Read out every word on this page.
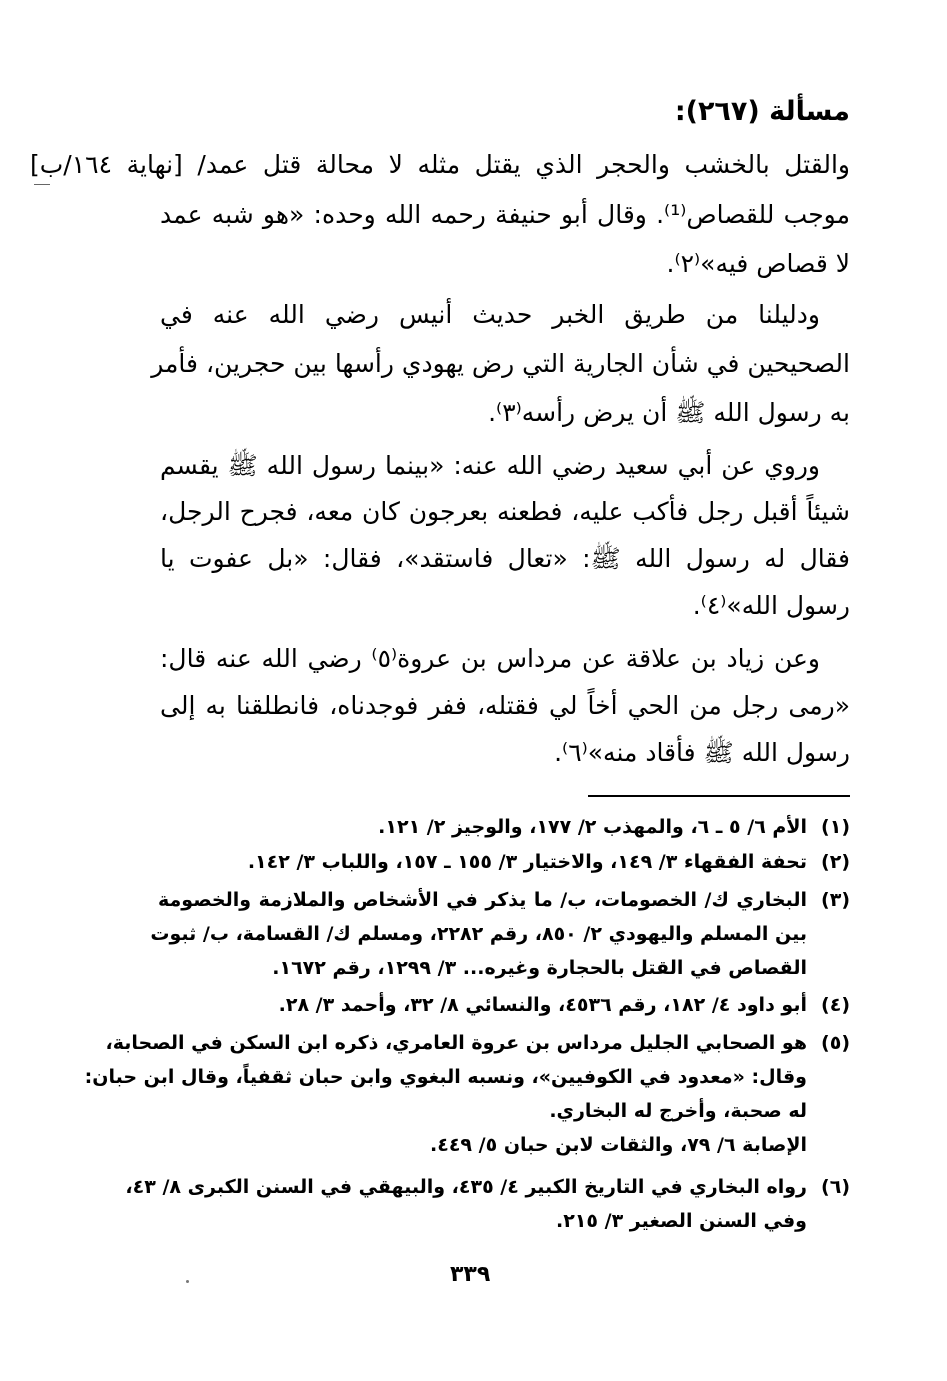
مسألة (٢٦٧):
والقتل بالخشب والحجر الذي يقتل مثله لا محالة قتل عمد/ [نهاية ١٦٤/ب]
موجب للقصاص⁽¹⁾. وقال أبو حنيفة رحمه الله وحده: «هو شبه عمد
لا قصاص فيه»⁽٢⁾.
ودليلنا من طريق الخبر حديث أنيس رضي الله عنه في
الصحيحين في شأن الجارية التي رض يهودي رأسها بين حجرين، فأمر
به رسول الله ﷺ أن يرض رأسه⁽٣⁾.
وروي عن أبي سعيد رضي الله عنه: «بينما رسول الله ﷺ يقسم
شيئاً أقبل رجل فأكب عليه، فطعنه بعرجون كان معه، فجرح الرجل،
فقال له رسول الله ﷺ: «تعال فاستقد»، فقال: «بل عفوت يا
رسول الله»⁽٤⁾.
وعن زياد بن علاقة عن مرداس بن عروة⁽٥⁾ رضي الله عنه قال:
«رمى رجل من الحي أخاً لي فقتله، ففر فوجدناه، فانطلقنا به إلى
رسول الله ﷺ فأقاد منه»⁽٦⁾.
(١)
الأم ٦/ ٥ ـ ٦، والمهذب ٢/ ١٧٧، والوجيز ٢/ ١٢١.
(٢)
تحفة الفقهاء ٣/ ١٤٩، والاختيار ٣/ ١٥٥ ـ ١٥٧، واللباب ٣/ ١٤٢.
(٣)
البخاري ك/ الخصومات، ب/ ما يذكر في الأشخاص والملازمة والخصومة
بين المسلم واليهودي ٢/ ٨٥٠، رقم ٢٢٨٢، ومسلم ك/ القسامة، ب/ ثبوت
القصاص في القتل بالحجارة وغيره... ٣/ ١٢٩٩، رقم ١٦٧٢.
(٤)
أبو داود ٤/ ١٨٢، رقم ٤٥٣٦، والنسائي ٨/ ٣٢، وأحمد ٣/ ٢٨.
(٥)
هو الصحابي الجليل مرداس بن عروة العامري، ذكره ابن السكن في الصحابة،
وقال: «معدود في الكوفيين»، ونسبه البغوي وابن حبان ثقفياً، وقال ابن حبان:
له صحبة، وأخرج له البخاري.
الإصابة ٦/ ٧٩، والثقات لابن حبان ٥/ ٤٤٩.
(٦)
رواه البخاري في التاريخ الكبير ٤/ ٤٣٥، والبيهقي في السنن الكبرى ٨/ ٤٣،
وفي السنن الصغير ٣/ ٢١٥.
٣٣٩
